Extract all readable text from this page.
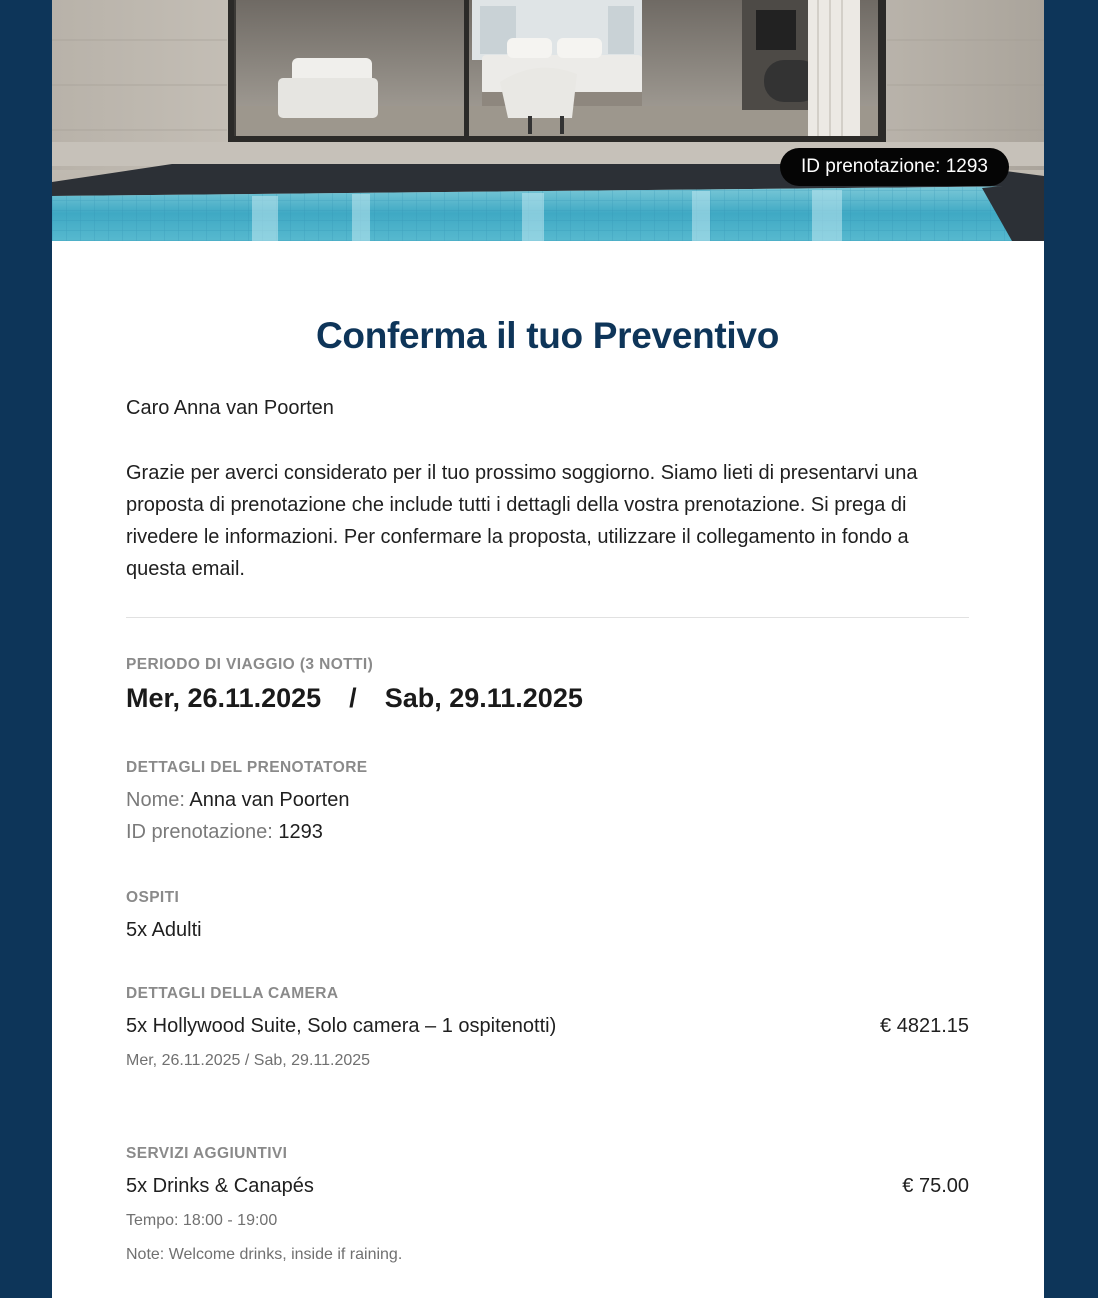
ID prenotazione: 1293
Conferma il tuo Preventivo
Caro Anna van Poorten

Grazie per averci considerato per il tuo prossimo soggiorno. Siamo lieti di presentarvi una proposta di prenotazione che include tutti i dettagli della vostra prenotazione. Si prega di rivedere le informazioni. Per confermare la proposta, utilizzare il collegamento in fondo a questa email.

PERIODO DI VIAGGIO (3 NOTTI)
Mer, 26.11.2025 / Sab, 29.11.2025
DETTAGLI DEL PRENOTATORE
Nome: Anna van Poorten
ID prenotazione: 1293
OSPITI
5x Adulti
DETTAGLI DELLA CAMERA
5x Hollywood Suite, Solo camera – 1 ospitenotti)	€ 4821.15
Mer, 26.11.2025 / Sab, 29.11.2025
SERVIZI AGGIUNTIVI
5x Drinks & Canapés	€ 75.00
Tempo: 18:00 - 19:00
Note: Welcome drinks, inside if raining.
